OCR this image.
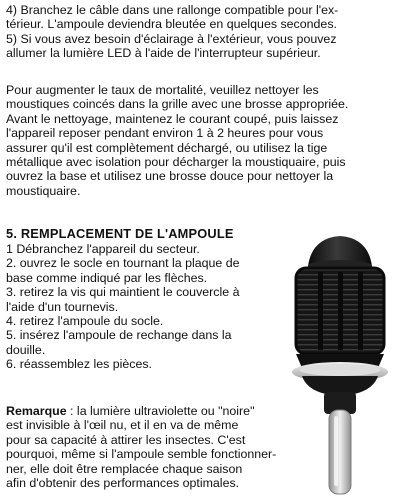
4) Branchez le câble dans une rallonge compatible pour l'ex-
térieur. L'ampoule deviendra bleutée en quelques secondes.
5) Si vous avez besoin d'éclairage à l'extérieur, vous pouvez
allumer la lumière LED à l'aide de l'interrupteur supérieur.

Pour augmenter le taux de mortalité, veuillez nettoyer les
moustiques coincés dans la grille avec une brosse appropriée.
Avant le nettoyage, maintenez le courant coupé, puis laissez
l'appareil reposer pendant environ 1 à 2 heures pour vous
assurer qu'il est complètement déchargé, ou utilisez la tige
métallique avec isolation pour décharger la moustiquaire, puis
ouvrez la base et utilisez une brosse douce pour nettoyer la
moustiquaire.

5. REMPLACEMENT DE L'AMPOULE

1 Débranchez l'appareil du secteur.
2. ouvrez le socle en tournant la plaque de
base comme indiqué par les flèches.
3. retirez la vis qui maintient le couvercle à
l'aide d'un tournevis.
4. retirez l'ampoule du socle.
5. insérez l'ampoule de rechange dans la
douille.
6. réassemblez les pièces.

Remarque : la lumière ultraviolette ou "noire"
est invisible à l'œil nu, et il en va de même
pour sa capacité à attirer les insectes. C'est
pourquoi, même si l'ampoule semble fonctionner-
ner, elle doit être remplacée chaque saison
afin d'obtenir des performances optimales.
